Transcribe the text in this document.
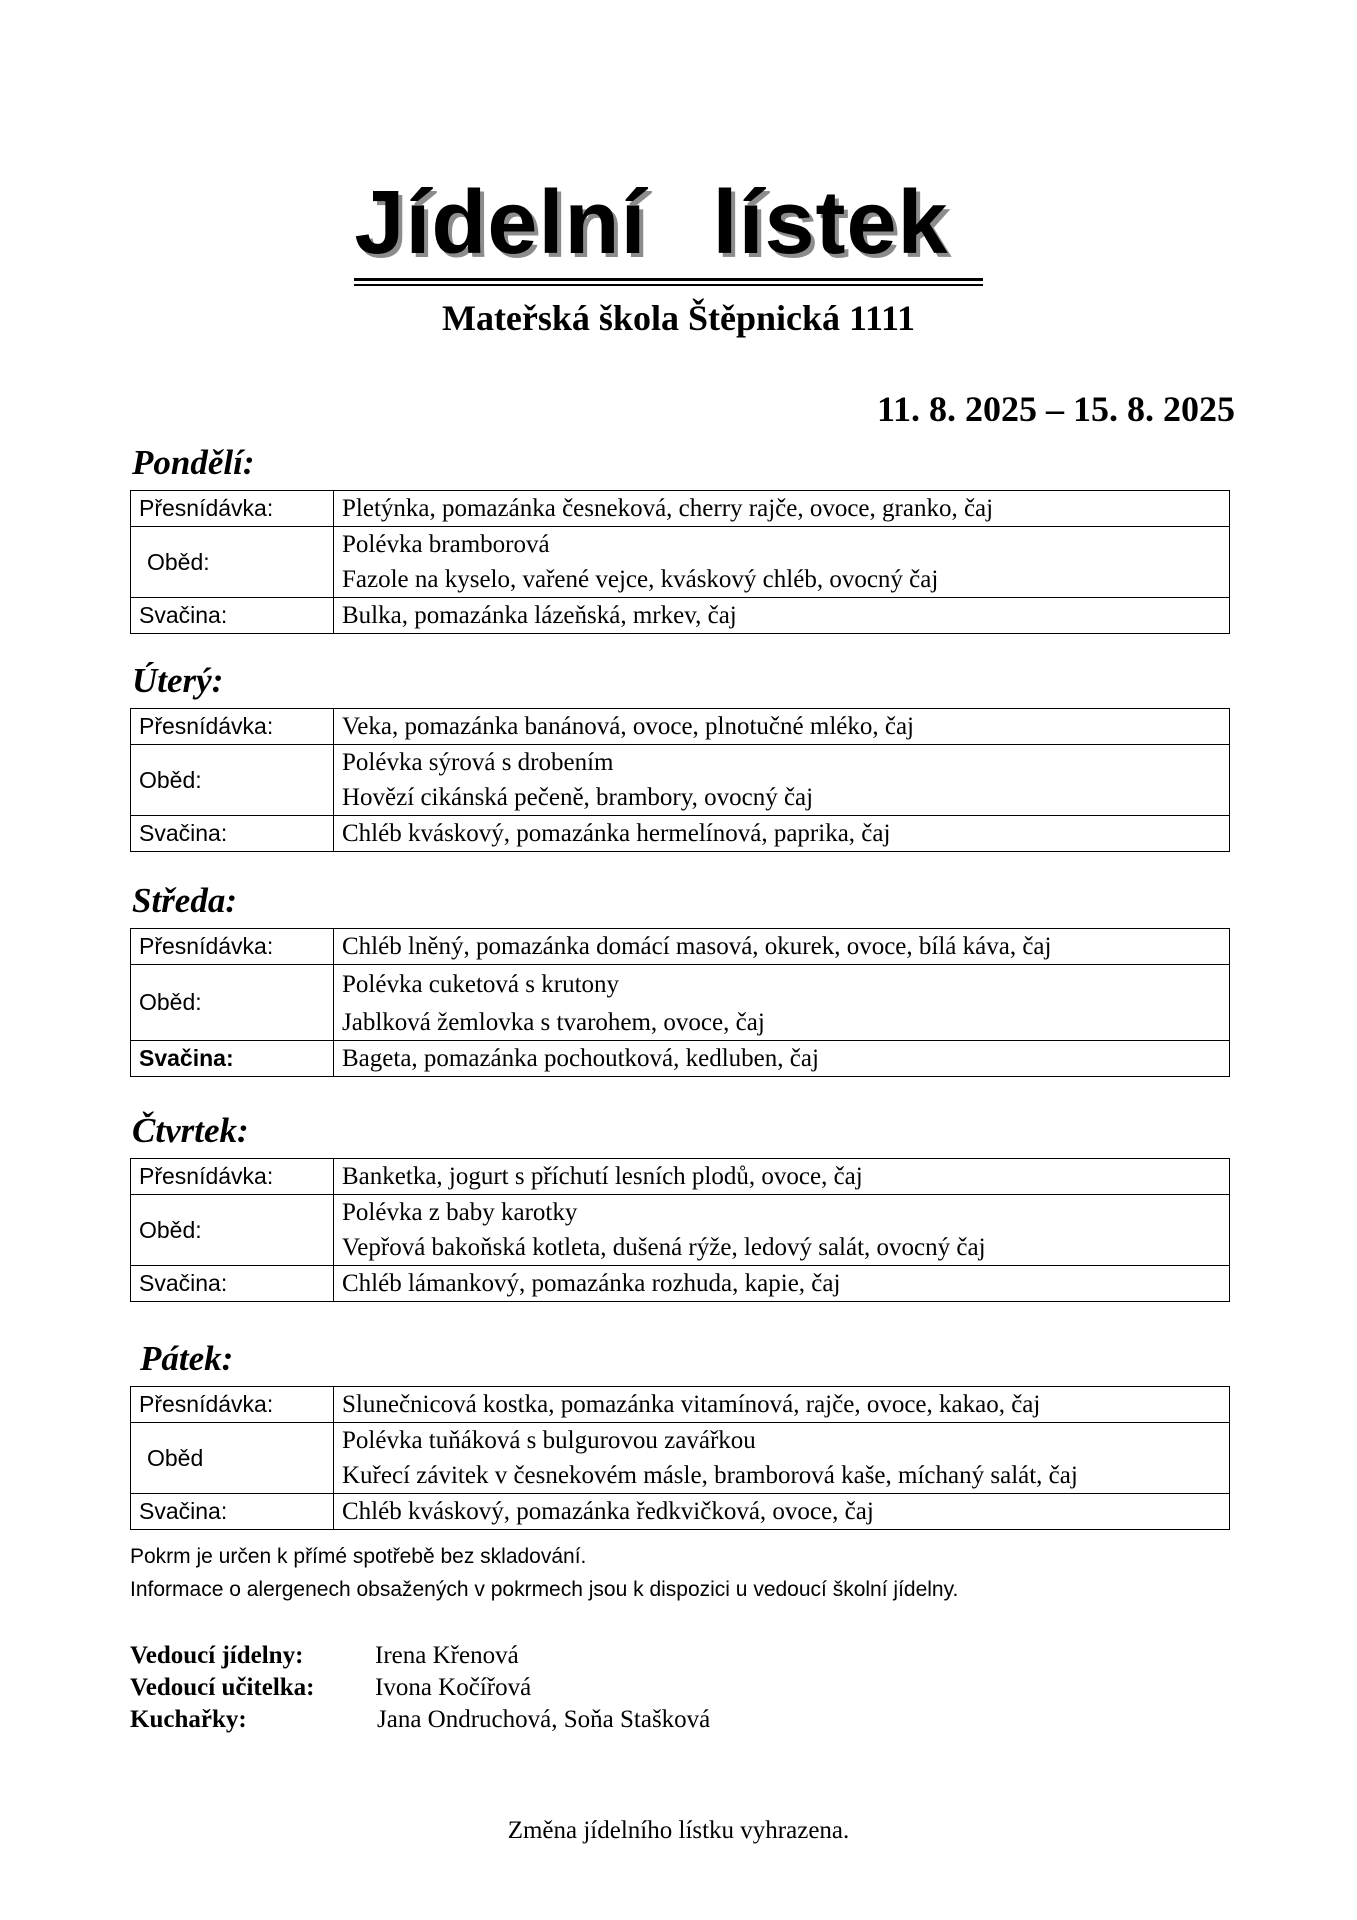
Jídelní lístek
Mateřská škola Štěpnická 1111
11. 8. 2025 – 15. 8. 2025
Pondělí:
Přesnídávka:	Pletýnka, pomazánka česneková, cherry rajče, ovoce, granko, čaj
Oběd:	Polévka bramborová
Fazole na kyselo, vařené vejce, kváskový chléb, ovocný čaj

Svačina:	Bulka, pomazánka lázeňská, mrkev, čaj
Úterý:
Přesnídávka:	Veka, pomazánka banánová, ovoce, plnotučné mléko, čaj
Oběd:	Polévka sýrová s drobením
Hovězí cikánská pečeně, brambory, ovocný čaj

Svačina:	Chléb kváskový, pomazánka hermelínová, paprika, čaj
Středa:
Přesnídávka:	Chléb lněný, pomazánka domácí masová, okurek, ovoce, bílá káva, čaj
Oběd:	Polévka cuketová s krutony
Jablková žemlovka s tvarohem, ovoce, čaj

Svačina:	Bageta, pomazánka pochoutková, kedluben, čaj
Čtvrtek:
Přesnídávka:	Banketka, jogurt s příchutí lesních plodů, ovoce, čaj
Oběd:	Polévka z baby karotky
Vepřová bakoňská kotleta, dušená rýže, ledový salát, ovocný čaj

Svačina:	Chléb lámankový, pomazánka rozhuda, kapie, čaj
Pátek:
Přesnídávka:	Slunečnicová kostka, pomazánka vitamínová, rajče, ovoce, kakao, čaj
Oběd	Polévka tuňáková s bulgurovou zavářkou
Kuřecí závitek v česnekovém másle, bramborová kaše, míchaný salát, čaj

Svačina:	Chléb kváskový, pomazánka ředkvičková, ovoce, čaj
Pokrm je určen k přímé spotřebě bez skladování.
Informace o alergenech obsažených v pokrmech jsou k dispozici u vedoucí školní jídelny.
Vedoucí jídelny:	Irena Křenová
Vedoucí učitelka:	Ivona Kočířová
Kuchařky:	Jana Ondruchová, Soňa Stašková
Změna jídelního lístku vyhrazena.
